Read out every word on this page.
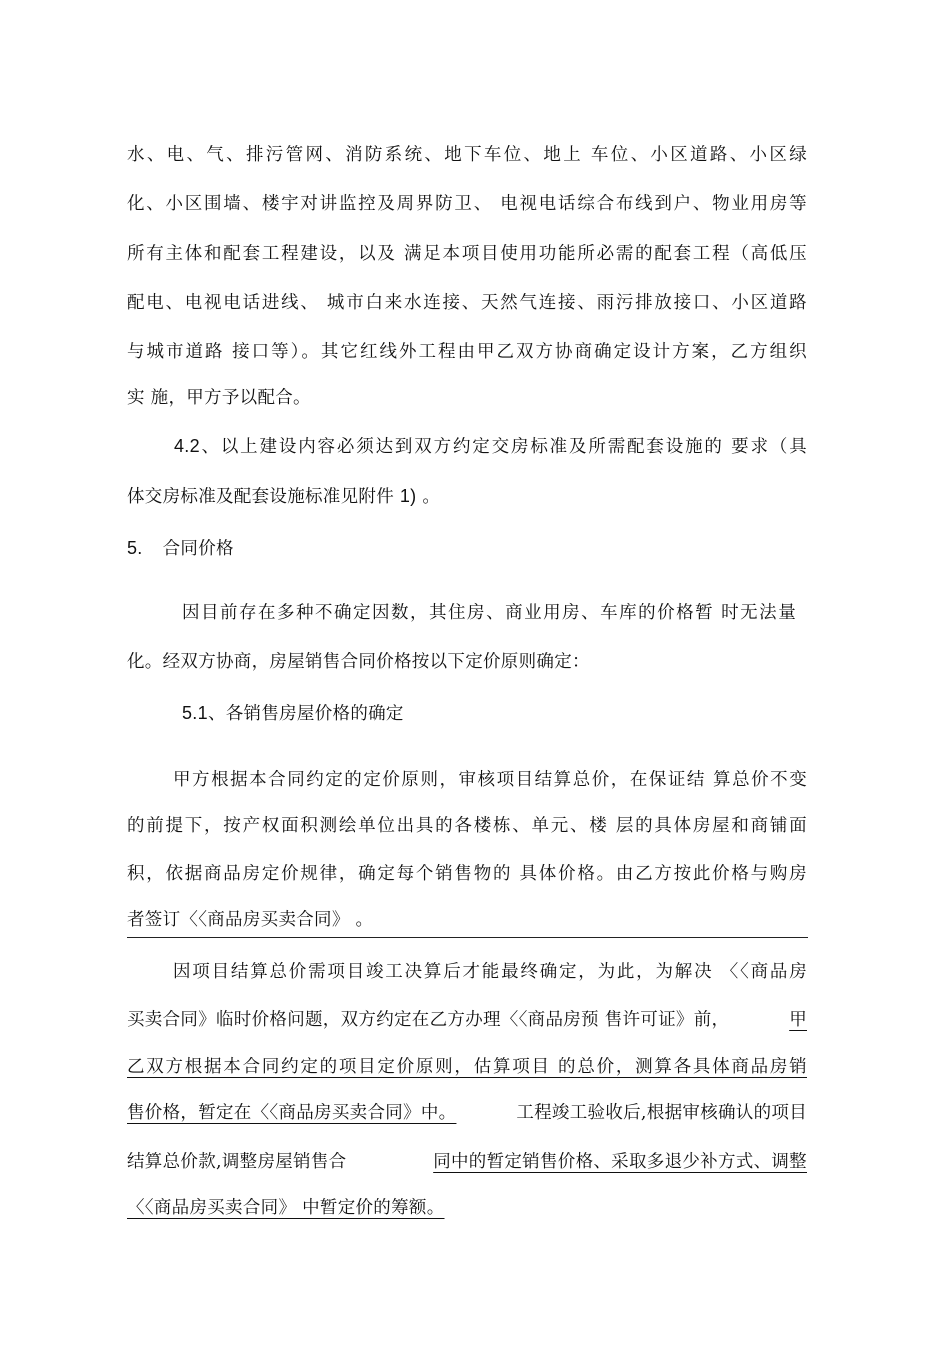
水、电、气、排污管网、消防系统、地下车位、地上 车位、小区道路、小区绿
化、小区围墙、楼宇对讲监控及周界防卫、 电视电话综合布线到户、物业用房等
所有主体和配套工程建设，以及 满足本项目使用功能所必需的配套工程（高低压
配电、电视电话进线、 城市白来水连接、天然气连接、雨污排放接口、小区道路
与城市道路 接口等）。其它红线外工程由甲乙双方协商确定设计方案，乙方组织
实 施，甲方予以配合。
4.2、以上建设内容必须达到双方约定交房标准及所需配套设施的 要求（具
体交房标准及配套设施标准见附件 1) 。
5. 合同价格
因目前存在多种不确定因数，其住房、商业用房、车库的价格暂 时无法量
化。经双方协商，房屋销售合同价格按以下定价原则确定：
5.1、各销售房屋价格的确定
甲方根据本合同约定的定价原则，审核项目结算总价，在保证结 算总价不变
的前提下，按产权面积测绘单位出具的各楼栋、单元、楼 层的具体房屋和商铺面
积，依据商品房定价规律，确定每个销售物的 具体价格。由乙方按此价格与购房
者签订〈〈商品房买卖合同》 。
因项目结算总价需项目竣工决算后才能最终确定，为此，为解决 〈〈商品房
买卖合同》临时价格问题，双方约定在乙方办理〈〈商品房预 售许可证》前，	甲
乙双方根据本合同约定的项目定价原则，估算项目 的总价，测算各具体商品房销
售价格，暂定在〈〈商品房买卖合同》中。	工程竣工验收后,根据审核确认的项目
结算总价款,调整房屋销售合	同中的暂定销售价格、采取多退少补方式、调整
〈〈商品房买卖合同》 中暂定价的筹额。
